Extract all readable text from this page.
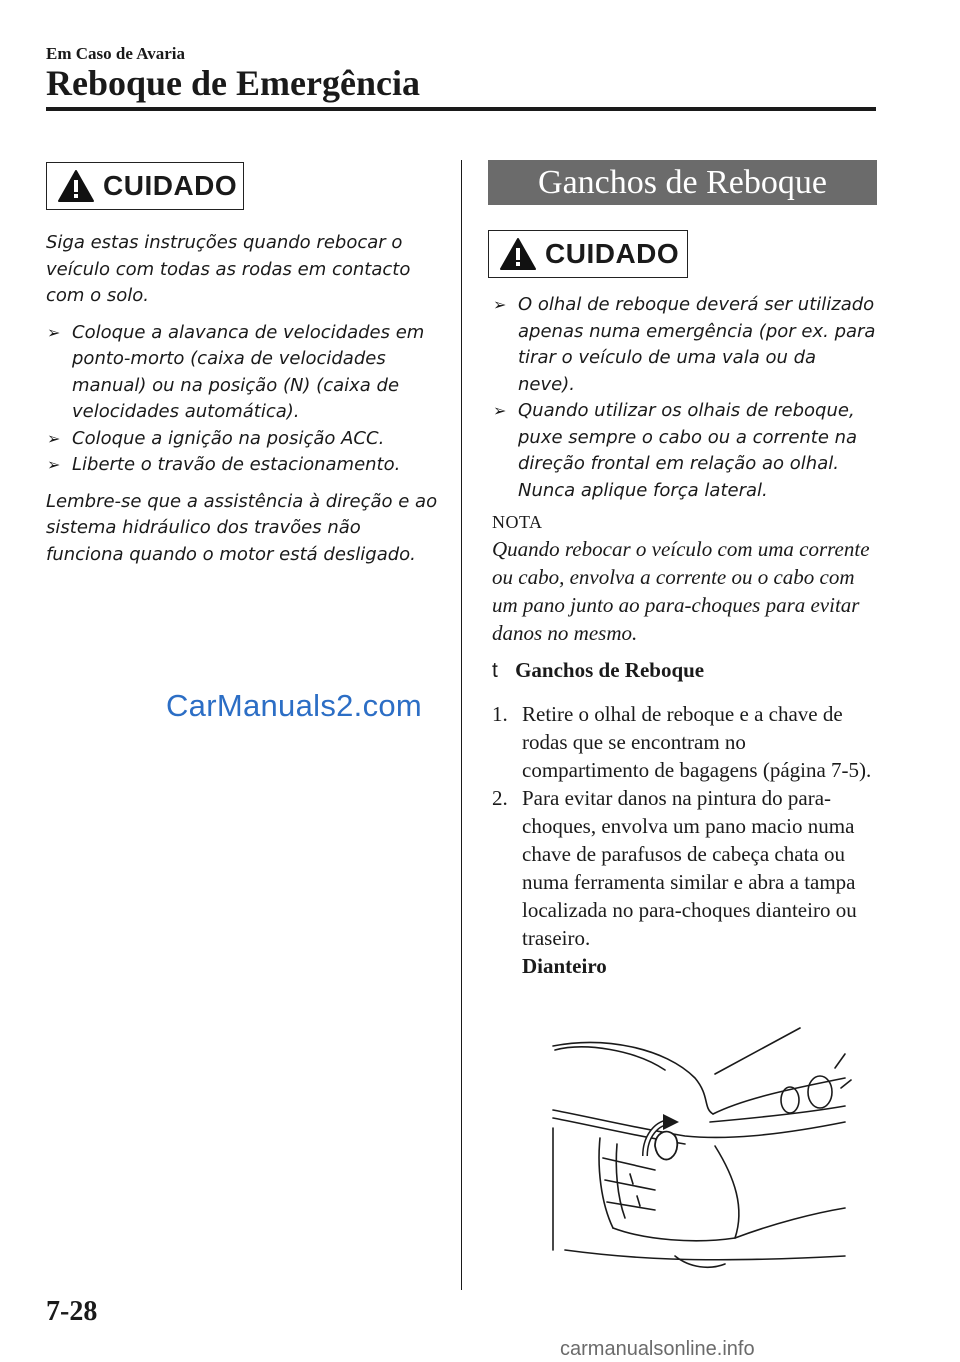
Em Caso de Avaria
Reboque de Emergência
CUIDADO

Siga estas instruções quando rebocar o veículo com todas as rodas em contacto com o solo.

➢ Coloque a alavanca de velocidades em ponto-morto (caixa de velocidades manual) ou na posição (N) (caixa de velocidades automática).

➢ Coloque a ignição na posição ACC.

➢ Liberte o travão de estacionamento.

Lembre-se que a assistência à direção e ao sistema hidráulico dos travões não funciona quando o motor está desligado.

CarManuals2.com
Ganchos de Reboque
CUIDADO

➢ O olhal de reboque deverá ser utilizado apenas numa emergência (por ex. para tirar o veículo de uma vala ou da neve).

➢ Quando utilizar os olhais de reboque, puxe sempre o cabo ou a corrente na direção frontal em relação ao olhal. Nunca aplique força lateral.

NOTA
Quando rebocar o veículo com uma corrente ou cabo, envolva a corrente ou o cabo com um pano junto ao para-choques para evitar danos no mesmo.
t Ganchos de Reboque
1. Retire o olhal de reboque e a chave de rodas que se encontram no compartimento de bagagens (página 7-5).
2. Para evitar danos na pintura do para-choques, envolva um pano macio numa chave de parafusos de cabeça chata ou numa ferramenta similar e abra a tampa localizada no para-choques dianteiro ou traseiro.
Dianteiro
7-28
carmanualsonline.info
